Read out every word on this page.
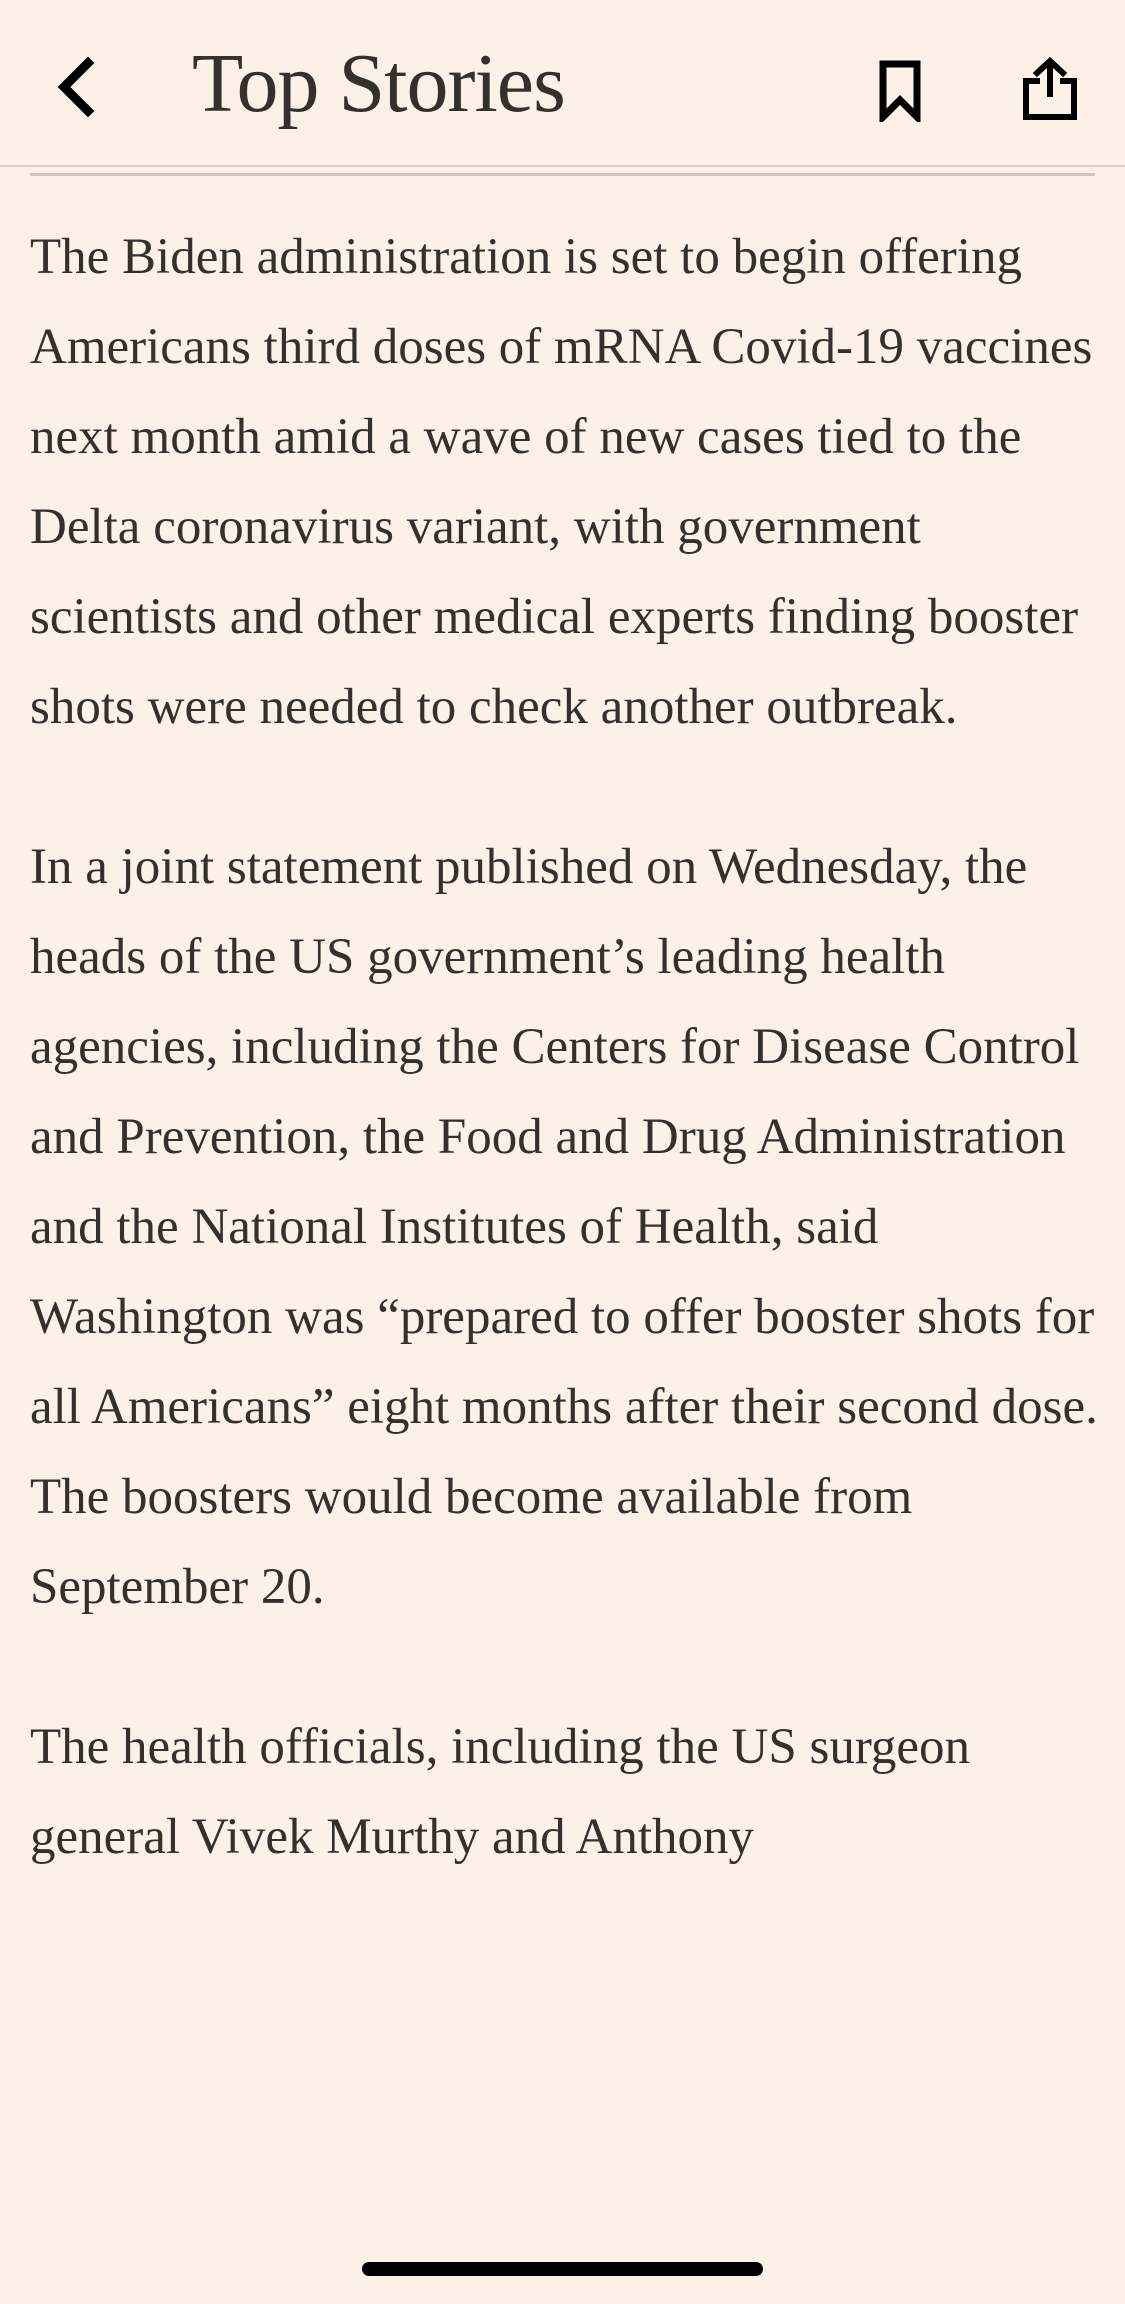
Top Stories

The Biden administration is set to begin offering Americans third doses of mRNA Covid-19 vaccines next month amid a wave of new cases tied to the Delta coronavirus variant, with government scientists and other medical experts finding booster shots were needed to check another outbreak.

In a joint statement published on Wednesday, the heads of the US government’s leading health agencies, including the Centers for Disease Control and Prevention, the Food and Drug Administration and the National Institutes of Health, said Washington was “prepared to offer booster shots for all Americans” eight months after their second dose. The boosters would become available from September 20.

The health officials, including the US surgeon general Vivek Murthy and Anthony
